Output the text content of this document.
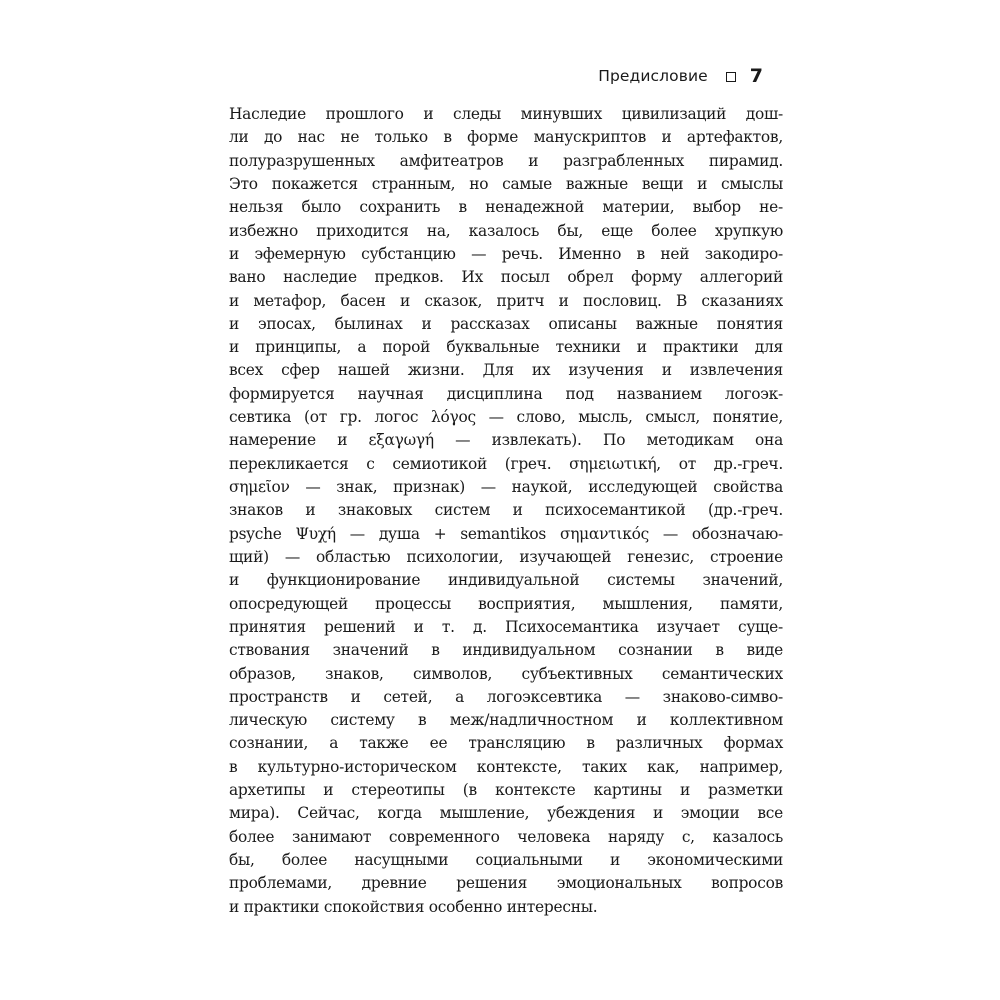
Предисловие 7
Наследие прошлого и следы минувших цивилизаций дош-
ли до нас не только в форме манускриптов и артефактов,
полуразрушенных амфитеатров и разграбленных пирамид.
Это покажется странным, но самые важные вещи и смыслы
нельзя было сохранить в ненадежной материи, выбор не-
избежно приходится на, казалось бы, еще более хрупкую
и эфемерную субстанцию — речь. Именно в ней закодиро-
вано наследие предков. Их посыл обрел форму аллегорий
и метафор, басен и сказок, притч и пословиц. В сказаниях
и эпосах, былинах и рассказах описаны важные понятия
и принципы, а порой буквальные техники и практики для
всех сфер нашей жизни. Для их изучения и извлечения
формируется научная дисциплина под названием логоэк-
севтика (от гр. логос λόγος — слово, мысль, смысл, понятие,
намерение и εξαγωγή — извлекать). По методикам она
перекликается с семиотикой (греч. σημειωτική, от др.-греч.
σημεῖον — знак, признак) — наукой, исследующей свойства
знаков и знаковых систем и психосемантикой (др.-греч.
psyche Ψυχή — душа + semantikos σημαντικός — обозначаю-
щий) — областью психологии, изучающей генезис, строение
и функционирование индивидуальной системы значений,
опосредующей процессы восприятия, мышления, памяти,
принятия решений и т. д. Психосемантика изучает суще-
ствования значений в индивидуальном сознании в виде
образов, знаков, символов, субъективных семантических
пространств и сетей, а логоэксевтика — знаково-симво-
лическую систему в меж/надличностном и коллективном
сознании, а также ее трансляцию в различных формах
в культурно-историческом контексте, таких как, например,
архетипы и стереотипы (в контексте картины и разметки
мира). Сейчас, когда мышление, убеждения и эмоции все
более занимают современного человека наряду с, казалось
бы, более насущными социальными и экономическими
проблемами, древние решения эмоциональных вопросов
и практики спокойствия особенно интересны.
